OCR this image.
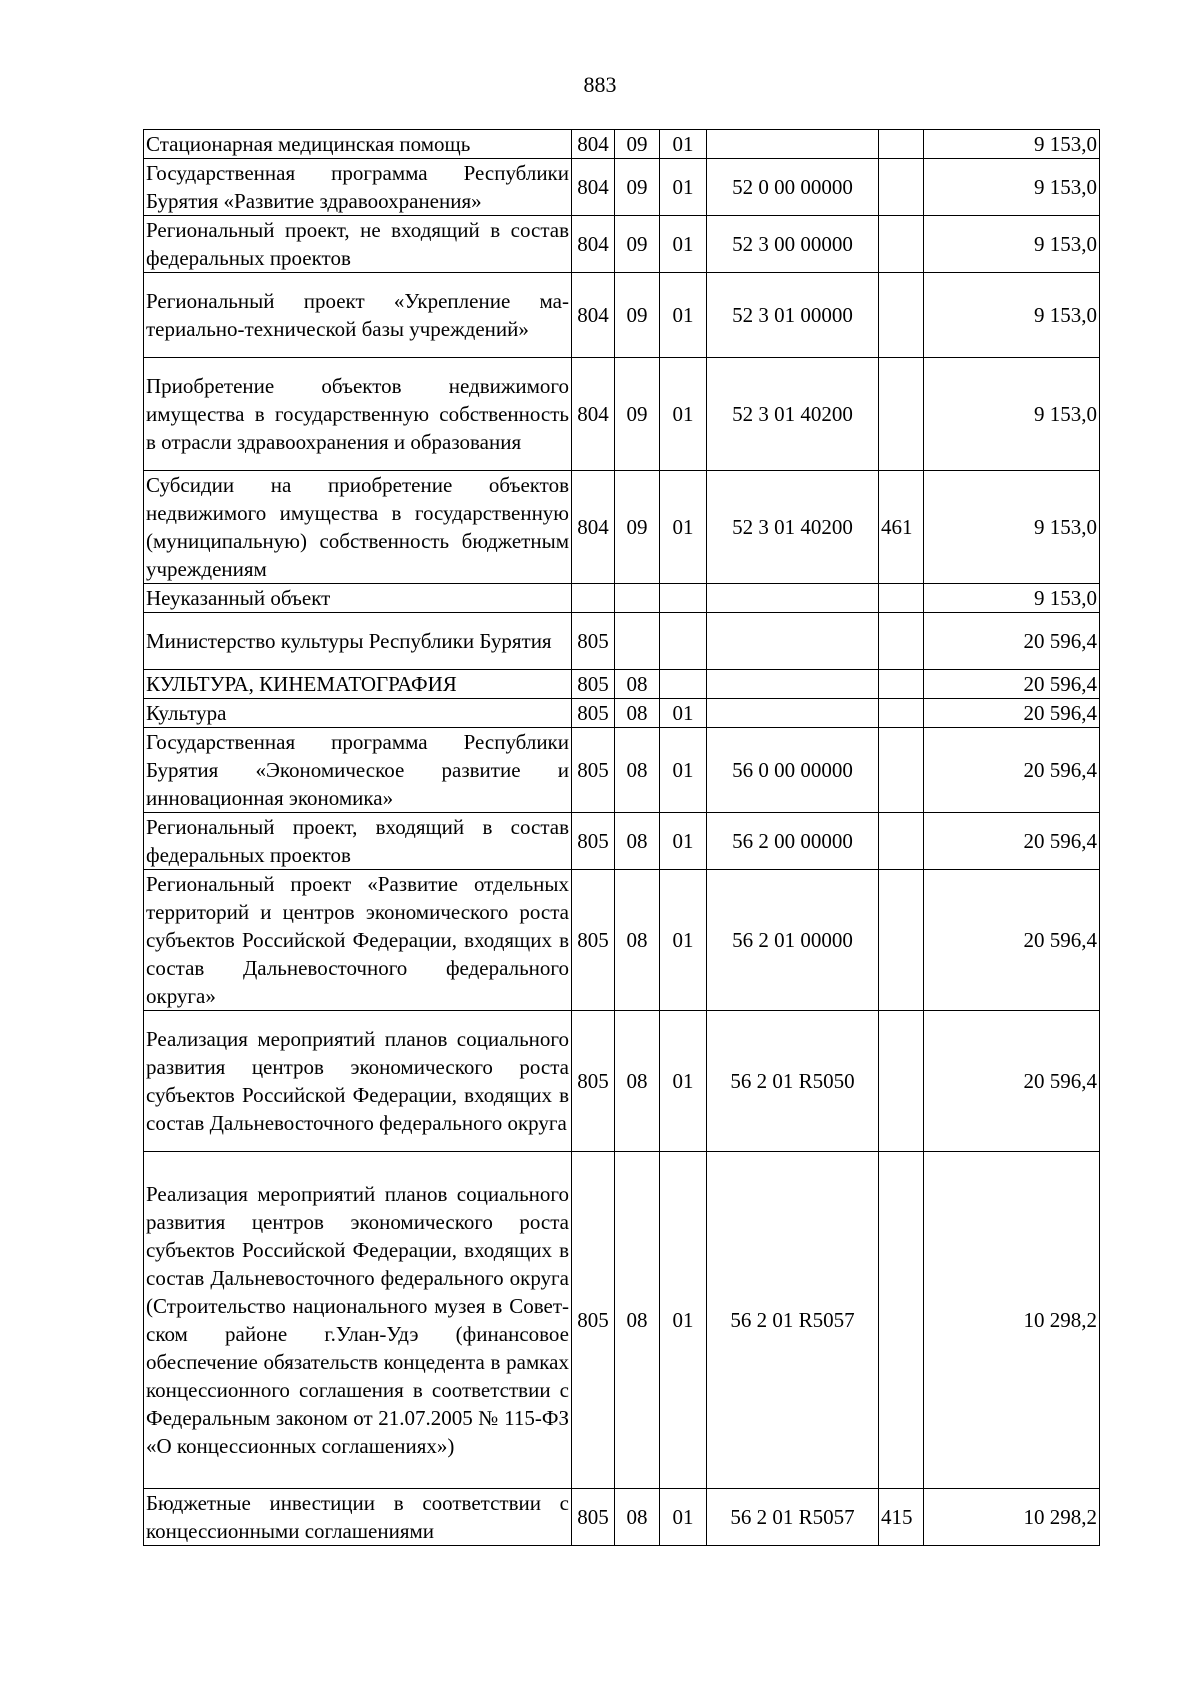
883
Стационарная медицинская помощь	804	09	01			9 153,0
Государственная программа Республики Бурятия «Развитие здравоохранения»	804	09	01	52 0 00 00000		9 153,0
Региональный проект, не входящий в состав федеральных проектов	804	09	01	52 3 00 00000		9 153,0
Региональный проект «Укрепление материально-технической базы учреждений»	804	09	01	52 3 01 00000		9 153,0
Приобретение объектов недвижимого имущества в государственную собственность в отрасли здравоохранения и образования	804	09	01	52 3 01 40200		9 153,0
Субсидии на приобретение объектов недвижимого имущества в государственную (муниципальную) собственность бюджетным учреждениям	804	09	01	52 3 01 40200	461	9 153,0
Неуказанный объект						9 153,0
Министерство культуры Республики Бурятия	805					20 596,4
КУЛЬТУРА, КИНЕМАТОГРАФИЯ	805	08				20 596,4
Культура	805	08	01			20 596,4
Государственная программа Республики Бурятия «Экономическое развитие и инновационная экономика»	805	08	01	56 0 00 00000		20 596,4
Региональный проект, входящий в состав федеральных проектов	805	08	01	56 2 00 00000		20 596,4
Региональный проект «Развитие отдельных территорий и центров экономического роста субъектов Российской Федерации, входящих в состав Дальневосточного федерального округа»	805	08	01	56 2 01 00000		20 596,4
Реализация мероприятий планов социального развития центров экономического роста субъектов Российской Федерации, входящих в состав Дальневосточного федерального округа	805	08	01	56 2 01 R5050		20 596,4
Реализация мероприятий планов социального развития центров экономического роста субъектов Российской Федерации, входящих в состав Дальневосточного федерального округа (Строительство национального музея в Советском районе г.Улан-Удэ (финансовое обеспечение обязательств концедента в рамках концессионного соглашения в соответствии с Федеральным законом от 21.07.2005 № 115-ФЗ «О концессионных соглашениях»)	805	08	01	56 2 01 R5057		10 298,2
Бюджетные инвестиции в соответствии с концессионными соглашениями	805	08	01	56 2 01 R5057	415	10 298,2
